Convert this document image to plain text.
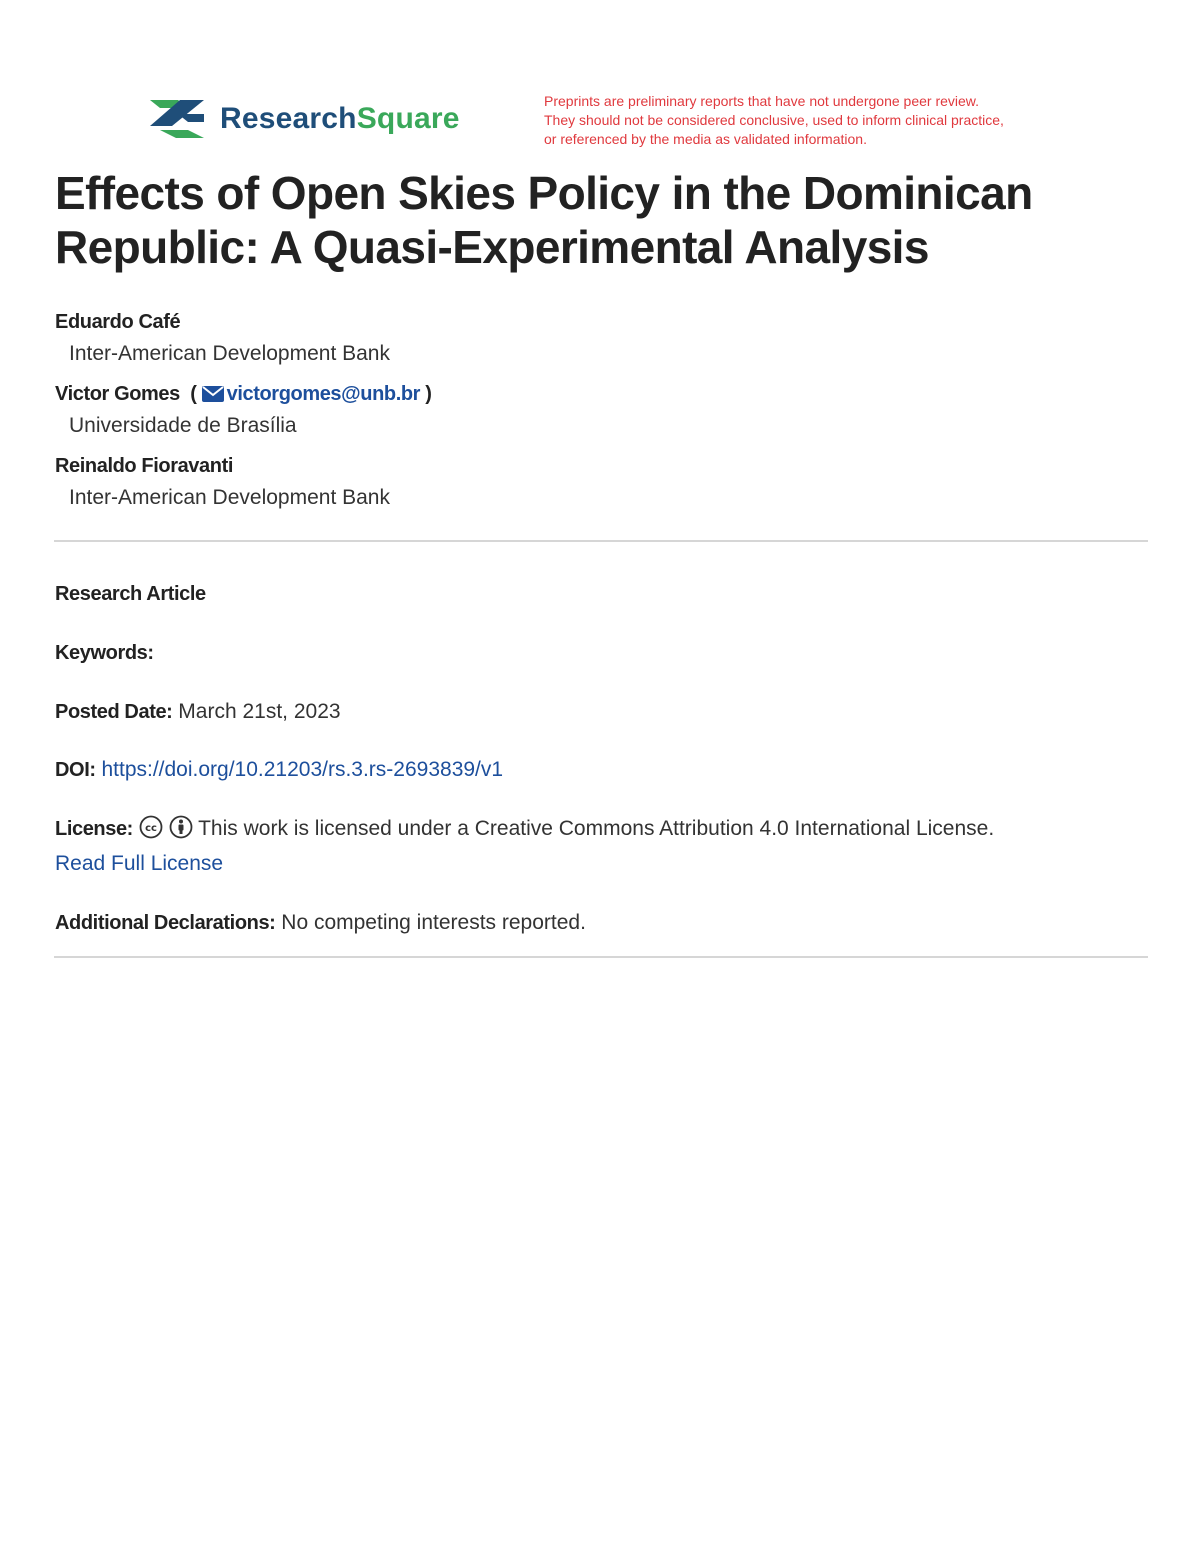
ResearchSquare
Preprints are preliminary reports that have not undergone peer review.
They should not be considered conclusive, used to inform clinical practice,
or referenced by the media as validated information.
Effects of Open Skies Policy in the Dominican
Republic: A Quasi-Experimental Analysis
Eduardo Café
Inter-American Development Bank
Victor Gomes  ( victorgomes@unb.br )
Universidade de Brasília
Reinaldo Fioravanti
Inter-American Development Bank
Research Article
Keywords:
Posted Date: March 21st, 2023
DOI: https://doi.org/10.21203/rs.3.rs-2693839/v1
License: cc This work is licensed under a Creative Commons Attribution 4.0 International License.
Read Full License
Additional Declarations: No competing interests reported.
